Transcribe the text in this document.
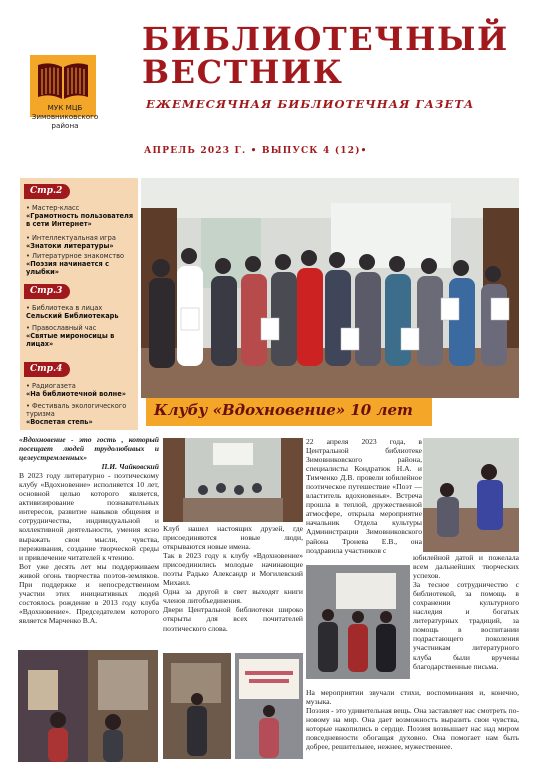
МУК МЦБ Зимовниковского района
БИБЛИОТЕЧНЫЙ
ВЕСТНИК
ЕЖЕМЕСЯЧНАЯ БИБЛИОТЕЧНАЯ ГАЗЕТА
АПРЕЛЬ 2023 Г. • ВЫПУСК 4 (12)•
Стр.2
• Мастер-класс
«Грамотность пользователя в сети Интернет»
• Интеллектуальная игра
«Знатоки литературы»
• Литературное знакомство
«Поэзия начинается с улыбки»
Стр.3
• Библиотека в лицах
Сельский Библиотекарь
• Православный час
«Святые мироносицы в лицах»
Стр.4
• Радиогазета
«На библиотечной волне»
• Фестиваль экологического туризма
«Воспетая степь»
Клубу «Вдохновение» 10 лет

«Вдохновение - это гость , который посещает людей трудолюбивых и целеустремленных»

П.И. Чайковский

В 2023 году литературно - поэтическому клубу «Вдохновение» исполняется 10 лет, основной целью которого является, активизирование познавательных интересов, развитие навыков общения и сотрудничества, индивидуальной и коллективной деятельности, умения ясно выражать свои мысли, чувства, переживания, создание творческой среды и привлечение читателей к чтению.

Вот уже десять лет мы поддерживаем живой огонь творчества поэтов-земляков. При поддержке и непосредственном участии этих инициативных людей состоялось рождение в 2013 году клуба «Вдохновение». Председателем которого является Марченко В.А.

Клуб нашел настоящих друзей, где присоединяются новые люди, открываются новые имена.

Так в 2023 году к клубу «Вдохновение» присоединились молодые начинающие поэты Радько Александр и Могилевский Михаил.

Одна за другой в свет выходят книги членов литобъединения.

Двери Центральной библиотеки широко открыты для всех почитателей поэтического слова.

22 апреля 2023 года, в Центральной библиотеке Зимовниковского района, специалисты Кондратюк Н.А. и Тимченко Д.В. провели юбилейное поэтическое путешествие «Поэт — властитель вдохновенья». Встреча прошла в теплой, дружественной атмосфере, открыла мероприятие начальник Отдела культуры Администрации Зимовниковского района Тронева Е.В., она поздравила участников с

юбилейной датой и пожелала всем дальнейших творческих успехов.

За тесное сотрудничество с библиотекой, за помощь в сохранении культурного наследия и богатых литературных традиций, за помощь в воспитании подрастающего поколения участникам литературного клуба были вручены благодарственные письма.

На мероприятии звучали стихи, воспоминания и, конечно, музыка.

Поэзия - это удивительная вещь. Она заставляет нас смотреть по-новому на мир. Она дает возможность выразить свои чувства, которые накопились в сердце. Поэзия возвышает нас над миром повседневности обогащая духовно. Она помогает нам быть добрее, решительнее, нежнее, мужественнее.
